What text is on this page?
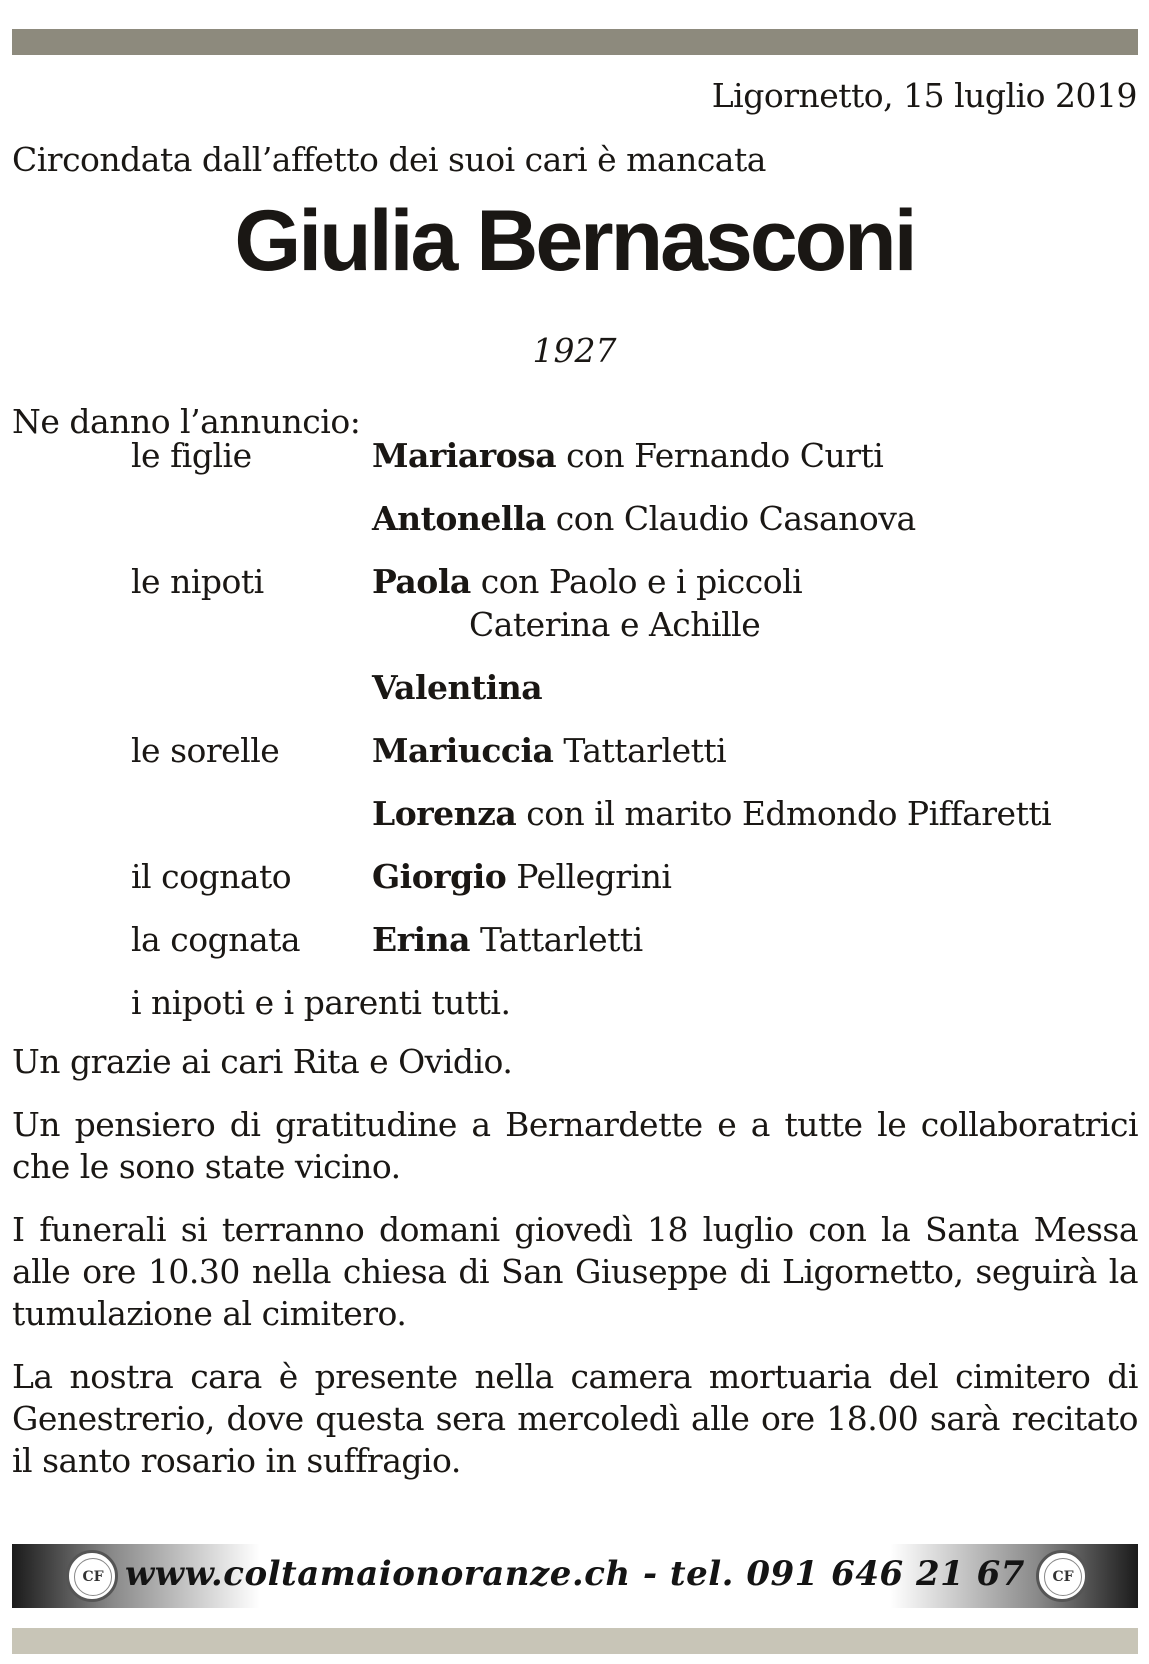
Ligornetto, 15 luglio 2019
Circondata dall’affetto dei suoi cari è mancata
Giulia Bernasconi
1927
Ne danno l’annuncio:
le figlie	Mariarosa con Fernando Curti
Antonella con Claudio Casanova
le nipoti	Paola con Paolo e i piccoli
Caterina e Achille
Valentina
le sorelle	Mariuccia Tattarletti
Lorenza con il marito Edmondo Piffaretti
il cognato Giorgio Pellegrini
la cognata Erina Tattarletti
i nipoti e i parenti tutti.
Un grazie ai cari Rita e Ovidio.
Un pensiero di gratitudine a Bernardette e a tutte le collaboratrici che le sono state vicino.
I funerali si terranno domani giovedì 18 luglio con la Santa Messa alle ore 10.30 nella chiesa di San Giuseppe di Ligornetto, seguirà la tumulazione al cimitero.
La nostra cara è presente nella camera mortuaria del cimitero di Genestrerio, dove questa sera mercoledì alle ore 18.00 sarà recitato il santo rosario in suffragio.
CF www.coltamaionoranze.ch - tel. 091 646 21 67	CF
